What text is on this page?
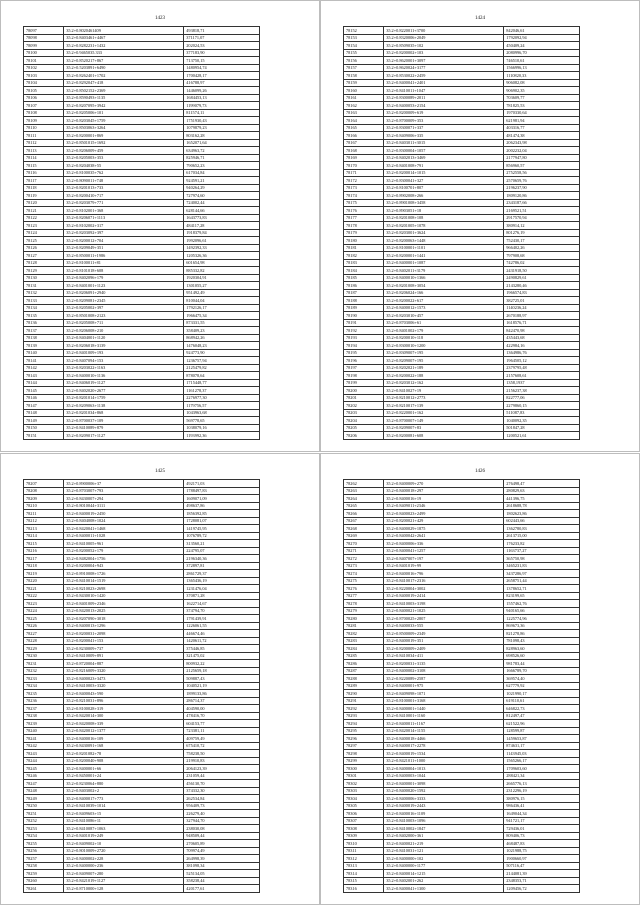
1423
78097	35.2+0.8020461409	493818,71
78098	35.2+0.8403461+4467	371171,07
78099	35.2+0.8282231+1432	202024,53
78100	35.2+0.9465035.333	377183,90
78101	35.2+0.8520217+867	713750,15
78102	35.2+0.5203891+6490	1480954,74
78103	35.2+0.8262401+1702	1700428,17
78104	35.2+0.8292047+418	416788,97
78105	35.2+0.8502152+2369	1446099,26
78106	35.2+0.8590493+1135	1684453,13
78107	35.2+0.8207095+3942	1199079,73
78108	35.2+0.8205006+101	811574,11
78109	35.2+0.8203045+1759	1751930,43
78110	35.2+0.8503063+3264	1079879,23
78111	35.2+0.8200001+869	803162,28
78112	35.2+0.8501015+1692	1652071,64
78113	35.2+0.8206009+459	634963,72
78114	35.2+0.8205003+353	825946,71
78115	35.2+0.8204038+55	790652,23
78116	35.2+0.8100035+762	617034,84
78117	35.2+0.8090011+748	924591,21
78118	35.2+0.8201013+733	940264,29
78119	35.2+0.8200410+717	727974,60
78120	35.2+0.8203079+771	724002,44
78121	35.2+0.8102001+368	628144,66
78122	35.2+0.8206071+1113	1643773,83
78123	35.2+0.8102002+317	484117,28
78124	35.2+0.8203092+397	1918379,84
78125	35.2+0.8200012+704	1992096,61
78126	35.2+0.8209049+351	1492392,33
78127	35.2+0.8500011+1986	1205326,36
78128	35.2+0.8100011+81	601654,98
78129	35.2+0.8101018+608	885332,82
78130	35.2+0.8402096+179	1920304,91
78131	35.2+0.8401001+1123	1301055,27
78132	35.2+0.8206091+2940	951492,49
78133	35.2+0.8209081+2345	810044,04
78134	35.2+0.8205002+397	1792126,17
78135	35.2+0.8501008+2123	1966475,34
78136	35.2+0.8205008+711	873331,55
78137	35.2+0.8206008+210	358409,23
78138	35.2+0.8404001+1120	868942,26
78139	35.2+0.8206018+3139	1476048,23
78140	35.2+0.8401009+193	924773,90
78141	35.2+0.8407094+153	1236757,94
78142	35.2+0.8203022+1163	2125479,82
78143	35.2+0.8400010+1136	878078,64
78144	35.2+0.8406019+1127	1715448,77
78145	35.2+0.8402020+2677	1161278,37
78146	35.2+0.8201014+1759	2276977,30
78147	35.2+0.8209063+1138	1179756,57
78148	35.2+0.8201034+868	1043963,68
78149	35.2+0.8700037+109	569778,65
78150	35.2+0.8410089+879	1038079,16
78151	35.2+0.8209017+1127	1193992,36
1424
78152	35.2+0.8220011+3700	842046,61
78153	35.2+0.8320006+2049	1792092,94
78154	35.2+0.8509035+102	450409,24
78155	35.2+0.8200002+103	2080996,70
78156	35.2+0.8620001+3097	746510,61
78157	35.2+0.8620024+3177	1566996,13
78158	35.2+0.8530022+2459	1110820,33
78159	35.2+0.8400041+2401	906082,08
78160	35.2+0.8410011+1047	906902,35
78161	35.2+0.8300089+2011	703609,77
78162	35.2+0.8400053+2154	781825,53
78163	35.2+0.8200009+619	1970330,64
78164	35.2+0.8700009+353	621981,94
78165	35.2+0.8300071+337	403316,77
78166	35.2+0.8409006+335	481474,38
78167	35.2+0.8403011+3015	2062343,98
78168	35.2+0.8300004+1057	2002232,04
78169	35.2+0.8402013+3469	2177947,80
78170	35.2+0.8401008+791	856960,57
78171	35.2+0.8200014+1015	2752558,56
78172	35.2+0.8300041+327	2570659,76
78173	35.2+0.8100701+807	2196237,90
78174	35.2+0.8902008+266	1809120,86
78175	35.2+0.8901008+3458	2343187,66
78176	35.2+0.8903051+18	2169521,51
78177	35.2+0.8201008+108	2917570,94
78178	35.2+0.8201005+1078	380914,12
78179	35.2+0.8203001+3624	801276,19
78180	35.2+0.8200063+1448	752430,17
78181	35.2+0.8100001+1101	966402,26
78182	35.2+0.8200001+1441	797908,68
78183	35.2+0.8400001+1087	742786,02
78184	35.2+0.8402011+3179	2431918,50
78185	35.2+0.8400010+1366	2490829,61
78186	35.2+0.8201008+3054	2143280,46
78187	35.2+0.8206024+166	1966574,83
78188	35.2+0.8200022+617	382725,01
78189	35.2+0.8400012+1573	1140236,24
78190	35.2+0.8203010+457	2670188,97
78191	35.2+0.8703006+61	1618576,71
78192	35.2+0.8401002+179	842470,98
78193	35.2+0.8200010+118	435443,68
78194	35.2+0.8300010+1200	422984,16
78195	35.2+0.8309007+195	1364986,76
78196	35.2+0.8209007+195	1964505,12
78197	35.2+0.8202021+189	2379795,48
78198	35.2+0.8200022+188	2157608,61
78199	35.2+0.8203012+162	1358,1937
78200	35.2+0.8410027+19	2156237,38
78201	35.2+0.8210012+2773	822777,06
78202	35.2+0.8210017+139	2279860,15
78203	35.2+0.8220001+162	511087,83
78204	35.2+0.8700007+149	1040092,35
78205	35.2+0.8209007+83	501847,28
78206	35.2+0.8200081+608	1200521,61
1425
78207	35.2+0.8900006+37	492171,03
78208	35.2+0.8703007+793	1788497,83
78209	35.2+0.8430007+294	1609071,09
78210	35.2+0.8010044+3111	498637,86
78211	35.2+0.8400019+2450	1856392,85
78212	35.2+0.8404008+1024	1728081,07
78213	35.2+0.8420041+1468	1419745,95
78214	35.2+0.8400011+1028	1076789,72
78215	35.2+0.8410005+961	313560,21
78216	35.2+0.8200052+179	224795,07
78217	35.2+0.8482004+1756	2196340,36
78218	35.2+0.8200004+943	372897,81
78219	35.2+0.8910008+1726	2861729,37
78220	35.2+0.8410014+1519	1365436,19
78221	35.2+0.8210023+2698	1231476,04
78222	35.2+0.8430010+1420	370871,28
78223	35.2+0.8401009+2346	1622714,67
78224	35.2+0.8420013+2025	374794,70
78225	35.2+0.8207090+3018	1791439,91
78226	35.2+0.8400013+1296	1226061,55
78227	35.2+0.8200031+2098	446674,46
78228	35.2+0.8200041+153	1420611,72
78229	35.2+0.8230009+737	375446,85
78230	35.2+0.8410009+891	321475,02
78231	35.2+0.8720004+887	800932,22
78232	35.2+0.8216009+3320	2125659,18
78233	35.2+0.8400023+3473	509887,43
78234	35.2+0.8410003+3320	1040521,19
78235	35.2+0.8400043+590	1899133,86
78236	35.2+0.8210031+896	286714,37
78237	35.2+0.8100028+319	404590,00
78238	35.2+0.8420014+300	478416,70
78239	35.2+0.8420008+339	604153,77
78240	35.2+0.8420012+1377	723381,11
78241	35.2+0.8400016+109	409759,49
78242	35.2+0.8430091+168	675410,72
78243	35.2+0.8201082+78	758238,50
78244	35.2+0.8200040+908	219910,83
78245	35.2+0.8400001+66	2064123,39
78246	35.2+0.8450001+24	231059,44
78247	35.2+0.8230064+880	456130,70
78248	35.2+0.8403002+2	374332,30
78249	35.2+0.8400017+773	262534,84
78250	35.2+0.8410039+1014	956409,73
78251	35.2+0.8409603+15	226279,40
78252	35.2+0.8410086+11	327944,70
78253	35.2+0.8410087+1063	238030,08
78254	35.2+0.8401019+249	948509,44
78255	35.2+0.8409002+10	270605,89
78256	35.2+0.8010009+2720	709974,49
78257	35.2+0.8400002+228	264998,39
78258	35.2+0.8400000+236	381098,34
78259	35.2+0.8409007+280	525134,05
78260	35.2+0.8421019+1127	358238,44
78261	35.2+0.8710000+128	420177,61
1426
78262	35.2+0.8400009+270	276498,47
78263	35.2+0.8400018+297	280829,63
78264	35.2+0.8400016+19	441396,75
78265	35.2+0.8409011+2346	2618688,78
78266	35.2+0.8400023+2499	1802623,86
78267	35.2+0.8200021+429	602443,66
78268	35.2+0.8400029+1875	1362780,83
78269	35.2+0.8400042+2641	2613715,00
78270	35.2+0.8400006+336	176233,82
78271	35.2+0.8400041+1257	1163737,27
78272	35.2+0.8407007+197	365750,98
78273	35.2+0.8401019+99	3465231,83
78274	35.2+0.8400016+796	3437286,97
78275	35.2+0.8410017+2316	2658751,44
78276	35.2+0.8220004+3002	1378652,71
78277	35.2+0.8400019+2414	823199,65
78278	35.2+0.8410003+3198	1557462,76
78279	35.2+0.8400021+1025	940165,66
78280	35.2+0.8700025+2807	1225774,96
78281	35.2+0.8400033+555	869673,36
78282	35.2+0.8500009+2349	821278,86
78283	35.2+0.8400019+351	781098,43
78284	35.2+0.8200009+2409	828963,60
78285	35.2+0.8410034+411	698526,60
78286	35.2+0.8200031+3135	981783,44
78287	35.2+0.8400002+3108	1666789,70
78288	35.2+0.8220089+2587	369574,40
78289	35.2+0.8400001+975	627779,92
78290	35.2+0.8409098+1071	1021990,17
78291	35.2+0.8100001+3168	619110,61
78292	35.2+0.8400001+1440	646822,73
78293	35.2+0.8410001+1160	812497,47
78294	35.2+0.8400011+1167	621522,96
78295	35.2+0.8420014+1155	128599,87
78296	35.2+0.8400018+4466	1459653,87
78297	35.2+0.8400017+2278	874631,17
78298	35.2+0.8400019+1534	1143945,03
78299	35.2+0.8421011+1000	1565266,17
78300	35.2+0.8400004+1013	1709603,60
78301	35.2+0.8400003+1044	288421,34
78302	35.2+0.8400001+3098	2665776,13
78303	35.2+0.8400020+1592	2312296,19
78304	35.2+0.8400006+3333	380976,15
78305	35.2+0.8400019+2443	986436,41
78306	35.2+0.8400016+1109	1649044,34
78307	35.2+0.8410003+1096	941721,17
78308	35.2+0.8410002+1847	729436,01
78309	35.2+0.8402000+361	809406,73
78310	35.2+0.8400021+219	468487,83
78311	35.2+0.8410031+121	1021988,75
78312	35.2+0.8400000+102	1900660,97
78313	35.2+0.8400000+1177	507116,47
78314	35.2+0.8400014+1215	2144081,39
78315	35.2+0.8402001+262	2348353,71
78316	35.2+0.8400041+1300	1209456,72
